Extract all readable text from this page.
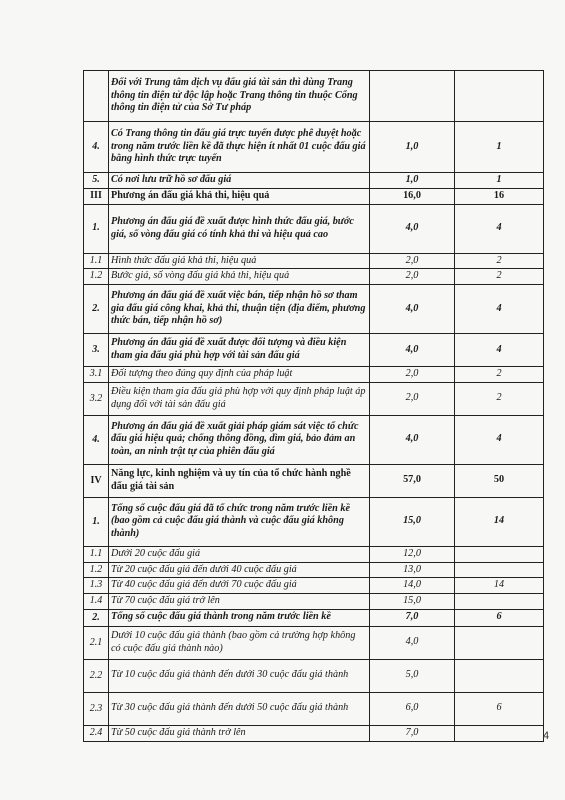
	Đối với Trung tâm dịch vụ đấu giá tài sản thì dùng Trang thông tin điện tử độc lập hoặc Trang thông tin thuộc Cổng thông tin điện tử của Sở Tư pháp		
4.	Có Trang thông tin đấu giá trực tuyến được phê duyệt hoặc trong năm trước liền kề đã thực hiện ít nhất 01 cuộc đấu giá bằng hình thức trực tuyến	1,0	1
5.	Có nơi lưu trữ hồ sơ đấu giá	1,0	1
III	Phương án đấu giá khả thi, hiệu quả	16,0	16
1.	Phương án đấu giá đề xuất được hình thức đấu giá, bước giá, số vòng đấu giá có tính khả thi và hiệu quả cao	4,0	4
1.1	Hình thức đấu giá khả thi, hiệu quả	2,0	2
1.2	Bước giá, số vòng đấu giá khả thi, hiệu quả	2,0	2
2.	Phương án đấu giá đề xuất việc bán, tiếp nhận hồ sơ tham gia đấu giá công khai, khả thi, thuận tiện (địa điểm, phương thức bán, tiếp nhận hồ sơ)	4,0	4
3.	Phương án đấu giá đề xuất được đối tượng và điều kiện tham gia đấu giá phù hợp với tài sản đấu giá	4,0	4
3.1	Đối tượng theo đúng quy định của pháp luật	2,0	2
3.2	Điều kiện tham gia đấu giá phù hợp với quy định pháp luật áp dụng đối với tài sản đấu giá	2,0	2
4.	Phương án đấu giá đề xuất giải pháp giám sát việc tổ chức đấu giá hiệu quả; chống thông đồng, dìm giá, bảo đảm an toàn, an ninh trật tự của phiên đấu giá	4,0	4
IV	Năng lực, kinh nghiệm và uy tín của tổ chức hành nghề đấu giá tài sản	57,0	50
1.	Tổng số cuộc đấu giá đã tổ chức trong năm trước liền kề (bao gồm cả cuộc đấu giá thành và cuộc đấu giá không thành)	15,0	14
1.1	Dưới 20 cuộc đấu giá	12,0	
1.2	Từ 20 cuộc đấu giá đến dưới 40 cuộc đấu giá	13,0	
1.3	Từ 40 cuộc đấu giá đến dưới 70 cuộc đấu giá	14,0	14
1.4	Từ 70 cuộc đấu giá trở lên	15,0	
2.	Tổng số cuộc đấu giá thành trong năm trước liền kề	7,0	6
2.1	Dưới 10 cuộc đấu giá thành (bao gồm cả trường hợp không có cuộc đấu giá thành nào)	4,0	
2.2	Từ 10 cuộc đấu giá thành đến dưới 30 cuộc đấu giá thành	5,0	
2.3	Từ 30 cuộc đấu giá thành đến dưới 50 cuộc đấu giá thành	6,0	6
2.4	Từ 50 cuộc đấu giá thành trở lên	7,0		4
